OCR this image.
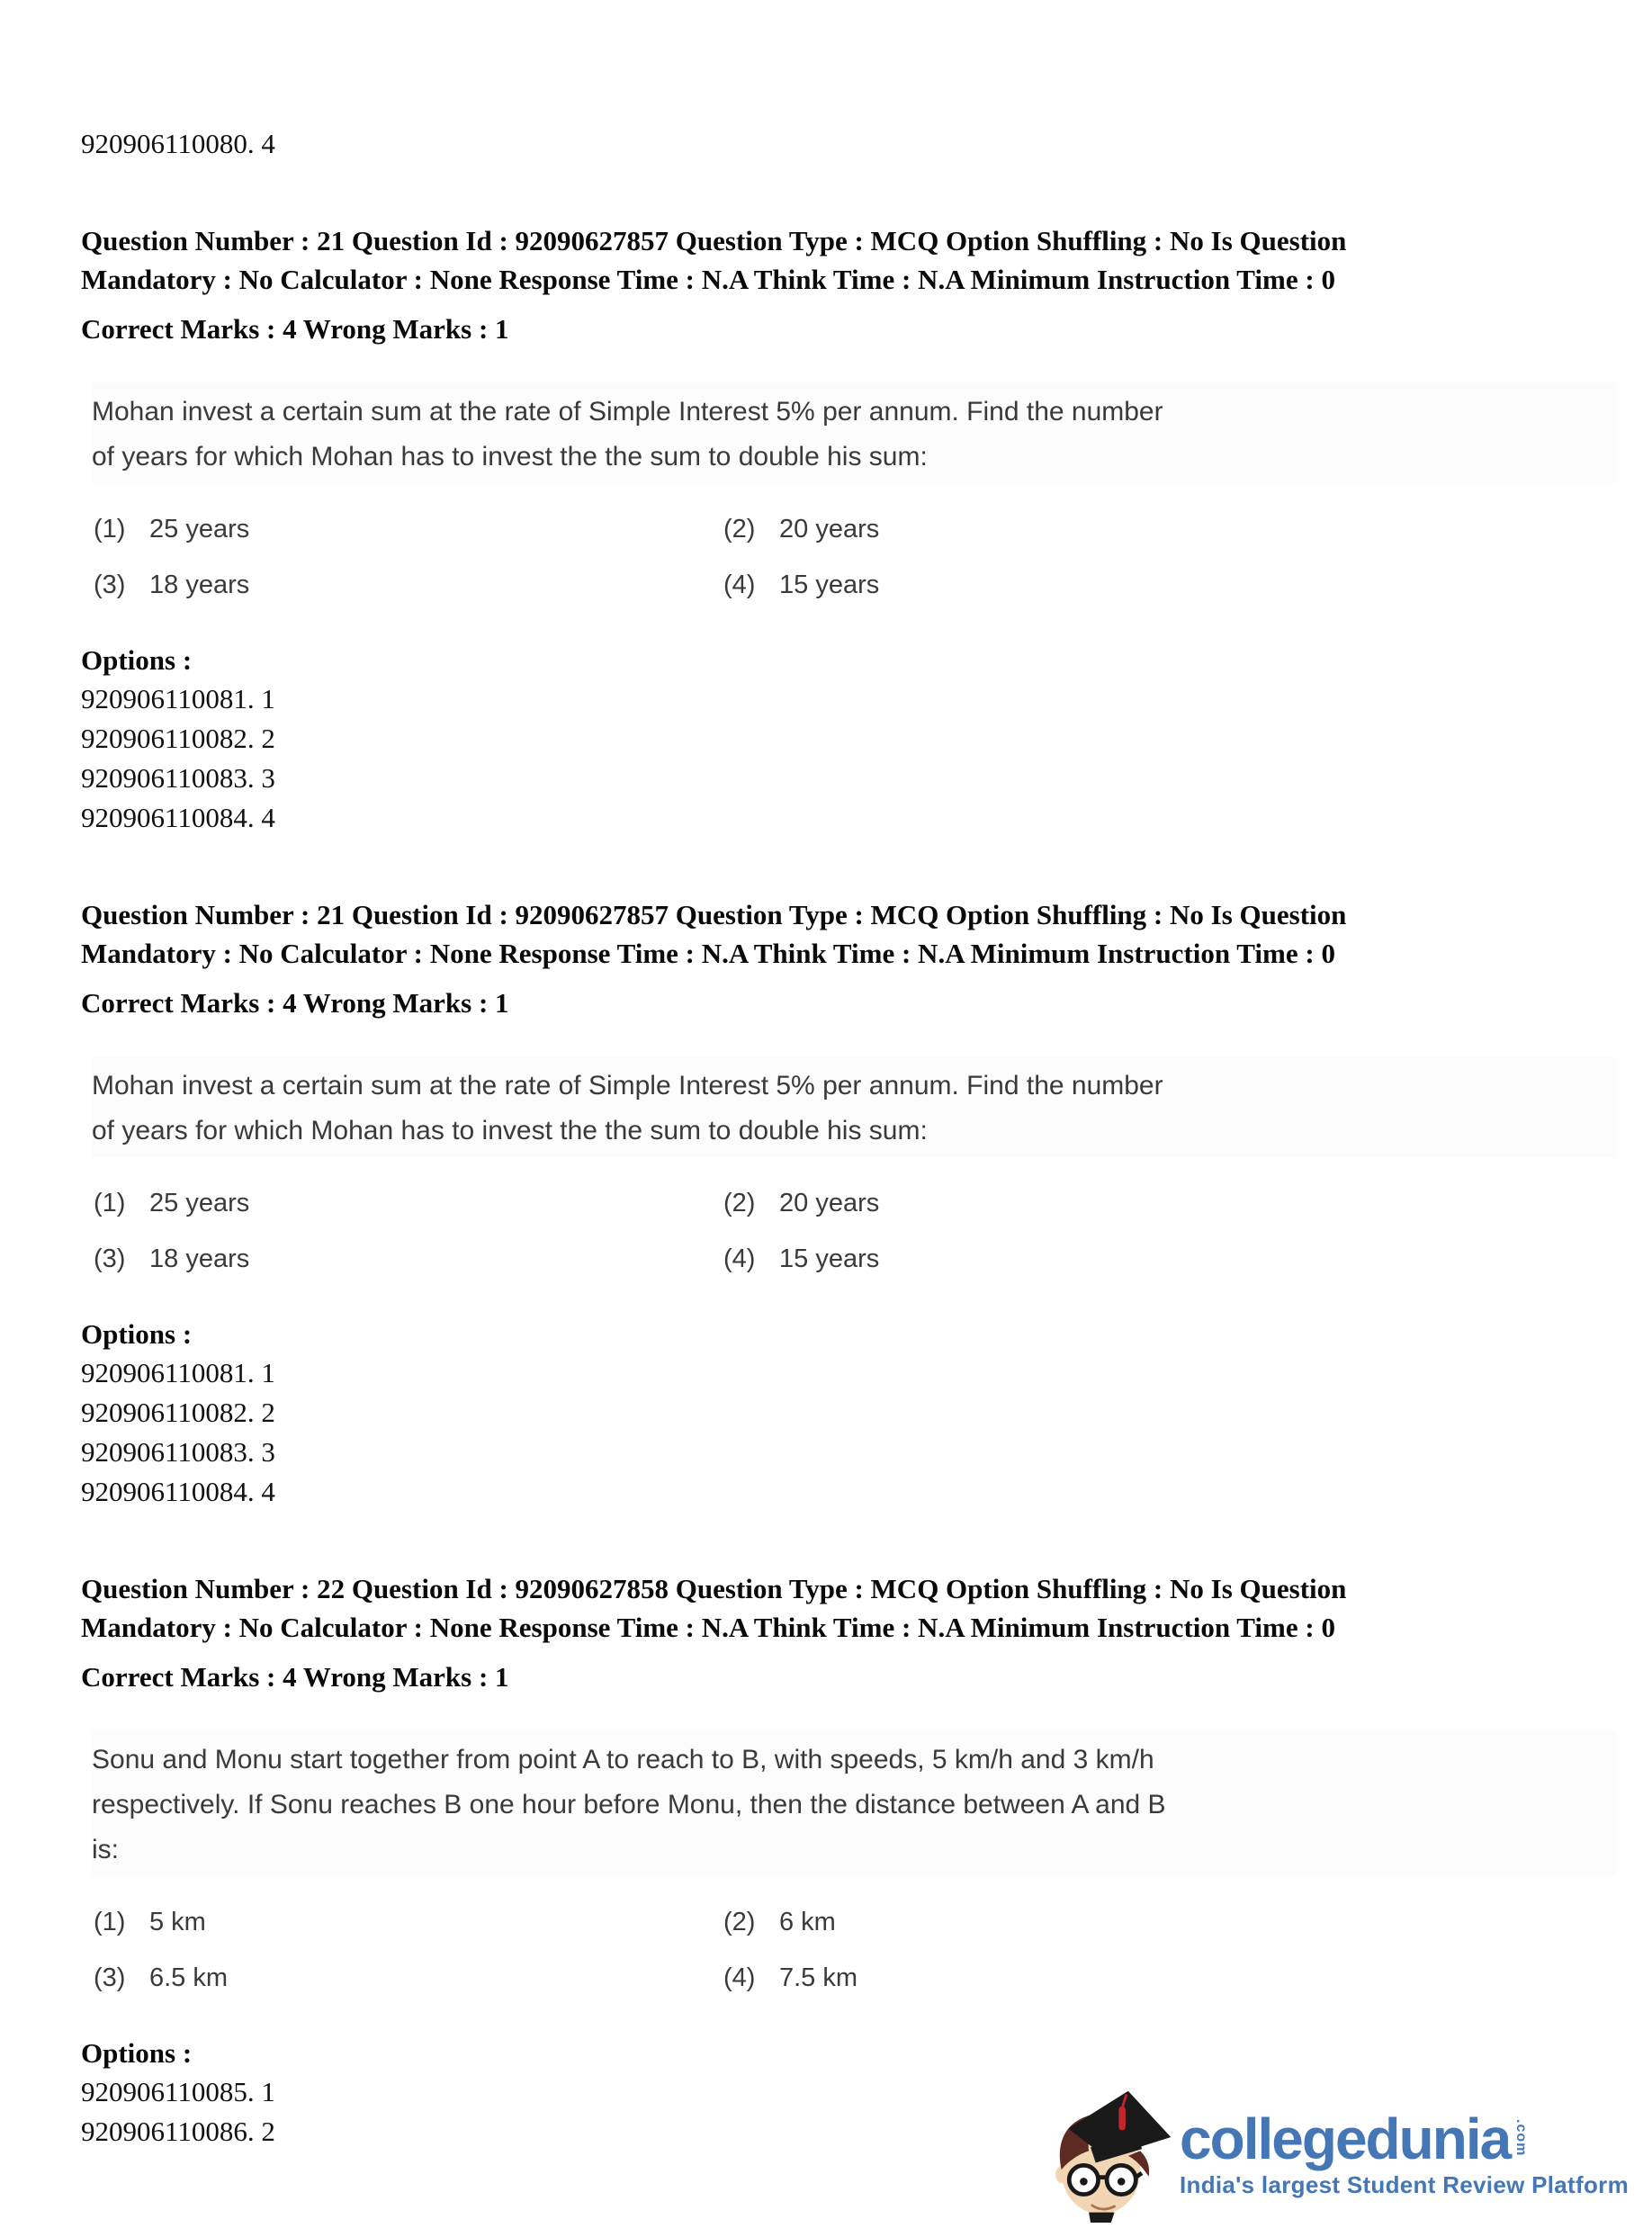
920906110080. 4
Question Number : 21 Question Id : 92090627857 Question Type : MCQ Option Shuffling : No Is Question
Mandatory : No Calculator : None Response Time : N.A Think Time : N.A Minimum Instruction Time : 0
Correct Marks : 4 Wrong Marks : 1
Mohan invest a certain sum at the rate of Simple Interest 5% per annum. Find the number
of years for which Mohan has to invest the the sum to double his sum:
(1) 25 years	(2) 20 years
(3) 18 years	(4) 15 years
Options :
920906110081. 1
920906110082. 2
920906110083. 3
920906110084. 4
Question Number : 21 Question Id : 92090627857 Question Type : MCQ Option Shuffling : No Is Question
Mandatory : No Calculator : None Response Time : N.A Think Time : N.A Minimum Instruction Time : 0
Correct Marks : 4 Wrong Marks : 1
Mohan invest a certain sum at the rate of Simple Interest 5% per annum. Find the number
of years for which Mohan has to invest the the sum to double his sum:
(1) 25 years	(2) 20 years
(3) 18 years	(4) 15 years
Options :
920906110081. 1
920906110082. 2
920906110083. 3
920906110084. 4
Question Number : 22 Question Id : 92090627858 Question Type : MCQ Option Shuffling : No Is Question
Mandatory : No Calculator : None Response Time : N.A Think Time : N.A Minimum Instruction Time : 0
Correct Marks : 4 Wrong Marks : 1
Sonu and Monu start together from point A to reach to B, with speeds, 5 km/h and 3 km/h
respectively. If Sonu reaches B one hour before Monu, then the distance between A and B
is:
(1) 5 km	(2) 6 km
(3) 6.5 km	(4) 7.5 km
Options :
920906110085. 1
920906110086. 2	collegedunia .com
India's largest Student Review Platform
